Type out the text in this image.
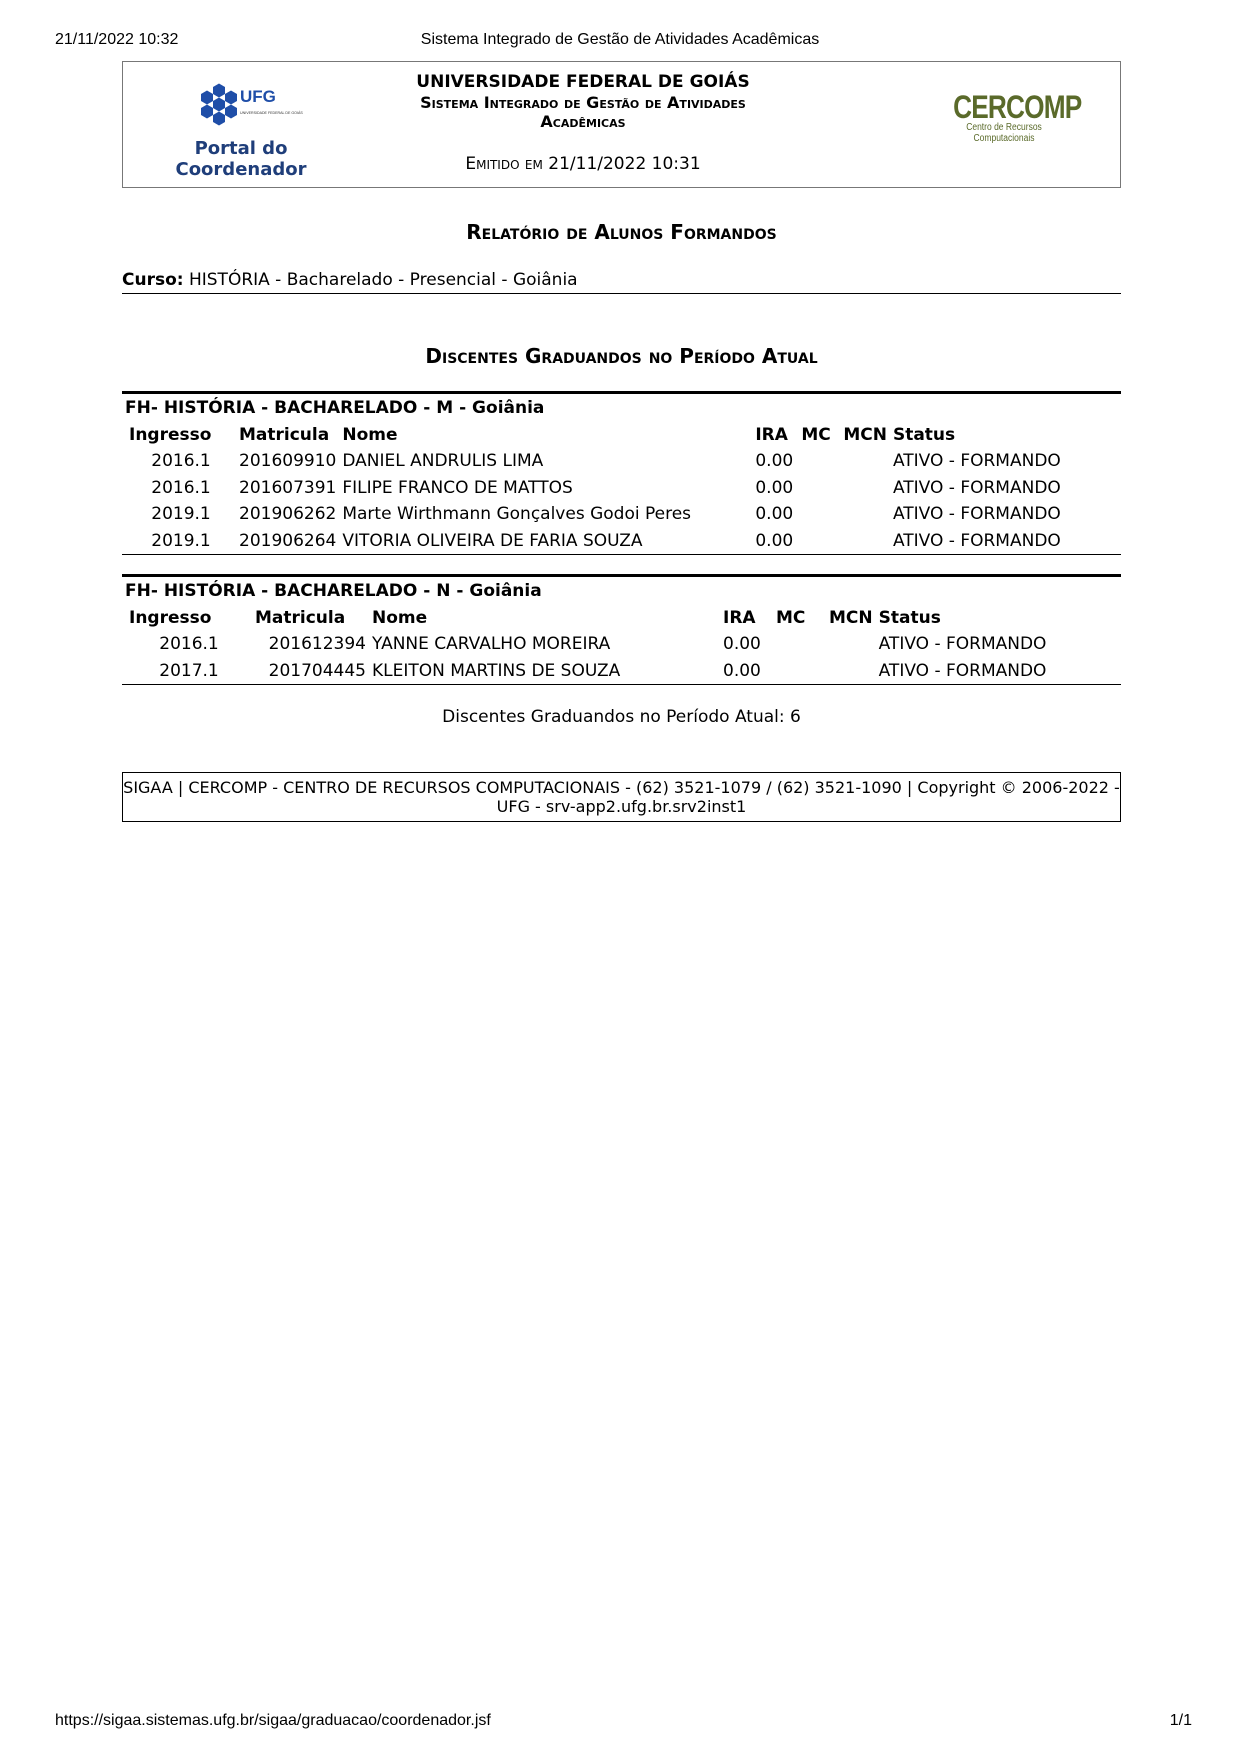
21/11/2022 10:32	Sistema Integrado de Gestão de Atividades Acadêmicas
UFG
UNIVERSIDADE FEDERAL DE GOIÁS
Portal do Coordenador
UNIVERSIDADE FEDERAL DE GOIÁS
Sistema Integrado de Gestão de Atividades Acadêmicas
Emitido em 21/11/2022 10:31
CERCOMP
Centro de Recursos Computacionais
Relatório de Alunos Formandos
Curso: HISTÓRIA - Bacharelado - Presencial - Goiânia
Discentes Graduandos no Período Atual
FH- HISTÓRIA - BACHARELADO - M - Goiânia
Ingresso	Matricula	Nome	IRA	MC	MCN	Status
2016.1	201609910	DANIEL ANDRULIS LIMA	0.00			ATIVO - FORMANDO
2016.1	201607391	FILIPE FRANCO DE MATTOS	0.00			ATIVO - FORMANDO
2019.1	201906262	Marte Wirthmann Gonçalves Godoi Peres	0.00			ATIVO - FORMANDO
2019.1	201906264	VITORIA OLIVEIRA DE FARIA SOUZA	0.00			ATIVO - FORMANDO
FH- HISTÓRIA - BACHARELADO - N - Goiânia
Ingresso	Matricula	Nome	IRA	MC	MCN	Status
2016.1	201612394	YANNE CARVALHO MOREIRA	0.00			ATIVO - FORMANDO
2017.1	201704445	KLEITON MARTINS DE SOUZA	0.00			ATIVO - FORMANDO
Discentes Graduandos no Período Atual: 6
SIGAA | CERCOMP - CENTRO DE RECURSOS COMPUTACIONAIS - (62) 3521-1079 / (62) 3521-1090 | Copyright © 2006-2022 - UFG - srv-app2.ufg.br.srv2inst1
https://sigaa.sistemas.ufg.br/sigaa/graduacao/coordenador.jsf	1/1
